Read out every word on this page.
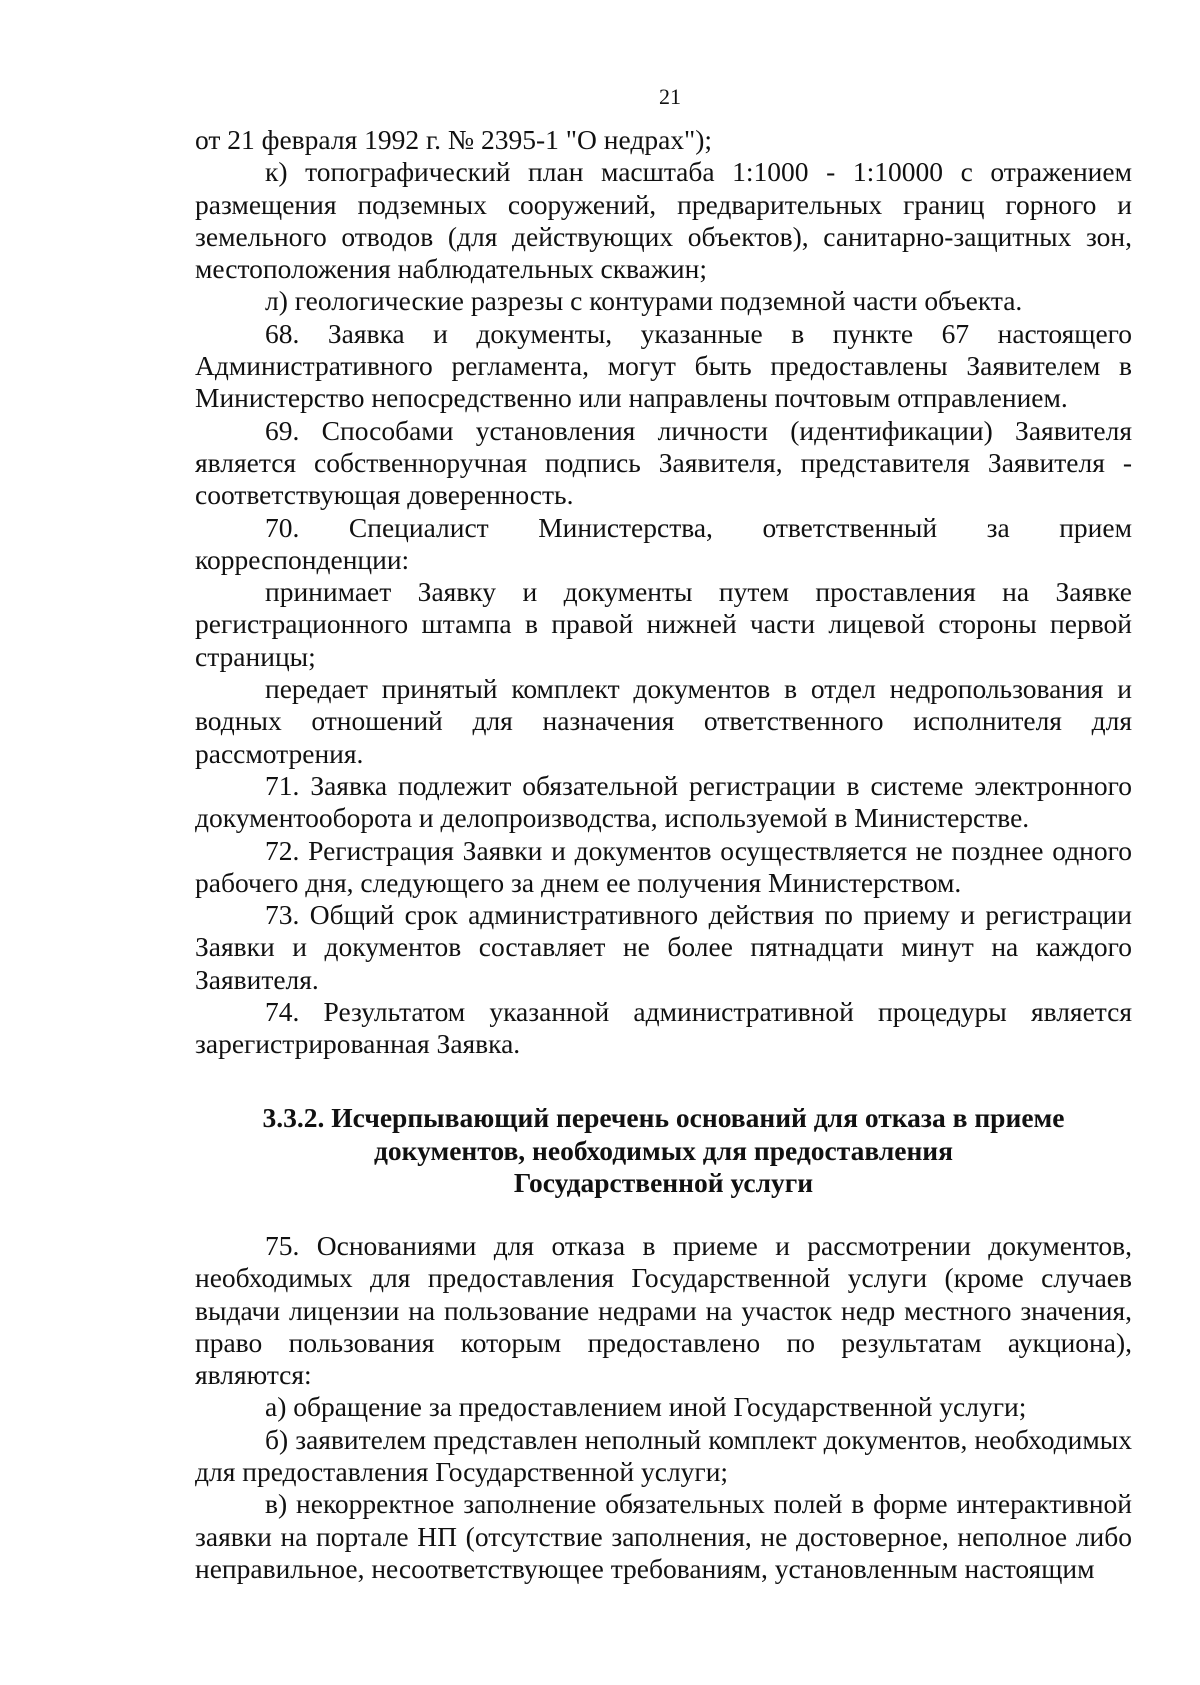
21

от 21 февраля 1992 г. № 2395-1 "О недрах");

к) топографический план масштаба 1:1000 - 1:10000 с отражением размещения подземных сооружений, предварительных границ горного и земельного отводов (для действующих объектов), санитарно-защитных зон, местоположения наблюдательных скважин;

л) геологические разрезы с контурами подземной части объекта.

68. Заявка и документы, указанные в пункте 67 настоящего Административного регламента, могут быть предоставлены Заявителем в Министерство непосредственно или направлены почтовым отправлением.

69. Способами установления личности (идентификации) Заявителя является собственноручная подпись Заявителя, представителя Заявителя - соответствующая доверенность.

70. Специалист Министерства, ответственный за прием корреспонденции:

принимает Заявку и документы путем проставления на Заявке регистрационного штампа в правой нижней части лицевой стороны первой страницы;

передает принятый комплект документов в отдел недропользования и водных отношений для назначения ответственного исполнителя для рассмотрения.

71. Заявка подлежит обязательной регистрации в системе электронного документооборота и делопроизводства, используемой в Министерстве.

72. Регистрация Заявки и документов осуществляется не позднее одного рабочего дня, следующего за днем ее получения Министерством.

73. Общий срок административного действия по приему и регистрации Заявки и документов составляет не более пятнадцати минут на каждого Заявителя.

74. Результатом указанной административной процедуры является зарегистрированная Заявка.

3.3.2. Исчерпывающий перечень оснований для отказа в приеме
документов, необходимых для предоставления
Государственной услуги

75. Основаниями для отказа в приеме и рассмотрении документов, необходимых для предоставления Государственной услуги (кроме случаев выдачи лицензии на пользование недрами на участок недр местного значения, право пользования которым предоставлено по результатам аукциона), являются:

а) обращение за предоставлением иной Государственной услуги;

б) заявителем представлен неполный комплект документов, необходимых для предоставления Государственной услуги;

в) некорректное заполнение обязательных полей в форме интерактивной заявки на портале НП (отсутствие заполнения, не достоверное, неполное либо неправильное, несоответствующее требованиям, установленным настоящим
